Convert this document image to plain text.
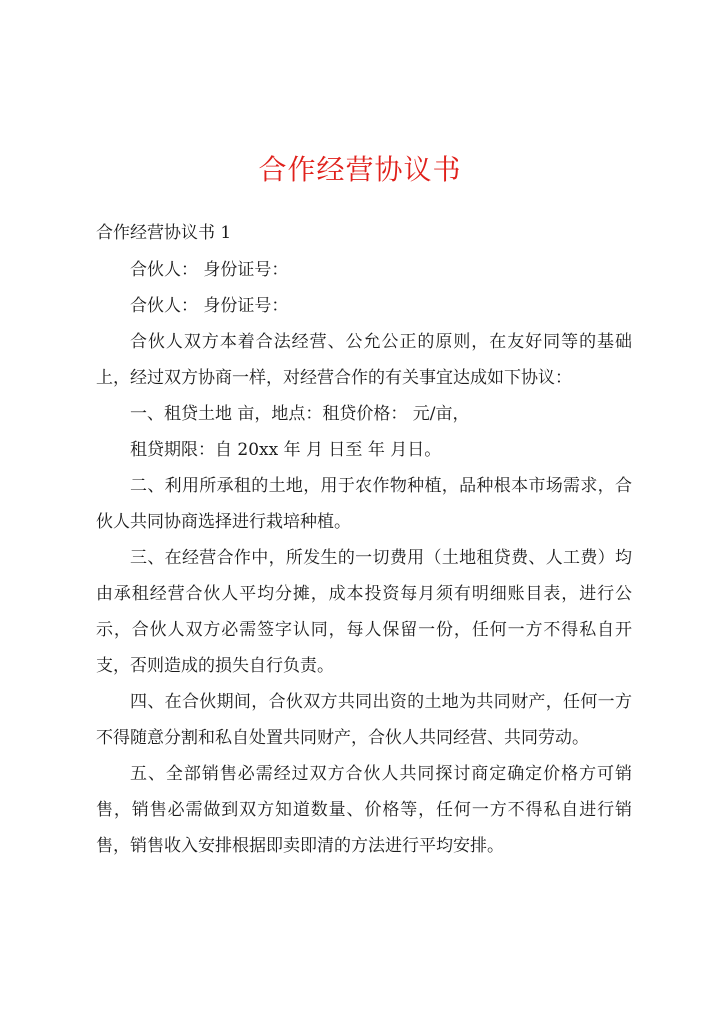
合作经营协议书

合作经营协议书 1

合伙人： 身份证号：

合伙人： 身份证号：

合伙人双方本着合法经营、公允公正的原则，在友好同等的基础上，经过双方协商一样，对经营合作的有关事宜达成如下协议：

一、租贷土地 亩，地点：租贷价格： 元/亩，

租贷期限：自 20xx 年 月 日至 年 月日。

二、利用所承租的土地，用于农作物种植，品种根本市场需求，合伙人共同协商选择进行栽培种植。

三、在经营合作中，所发生的一切费用（土地租贷费、人工费）均由承租经营合伙人平均分摊，成本投资每月须有明细账目表，进行公示，合伙人双方必需签字认同，每人保留一份，任何一方不得私自开支，否则造成的损失自行负责。

四、在合伙期间，合伙双方共同出资的土地为共同财产，任何一方不得随意分割和私自处置共同财产，合伙人共同经营、共同劳动。

五、全部销售必需经过双方合伙人共同探讨商定确定价格方可销售，销售必需做到双方知道数量、价格等，任何一方不得私自进行销售，销售收入安排根据即卖即清的方法进行平均安排。
